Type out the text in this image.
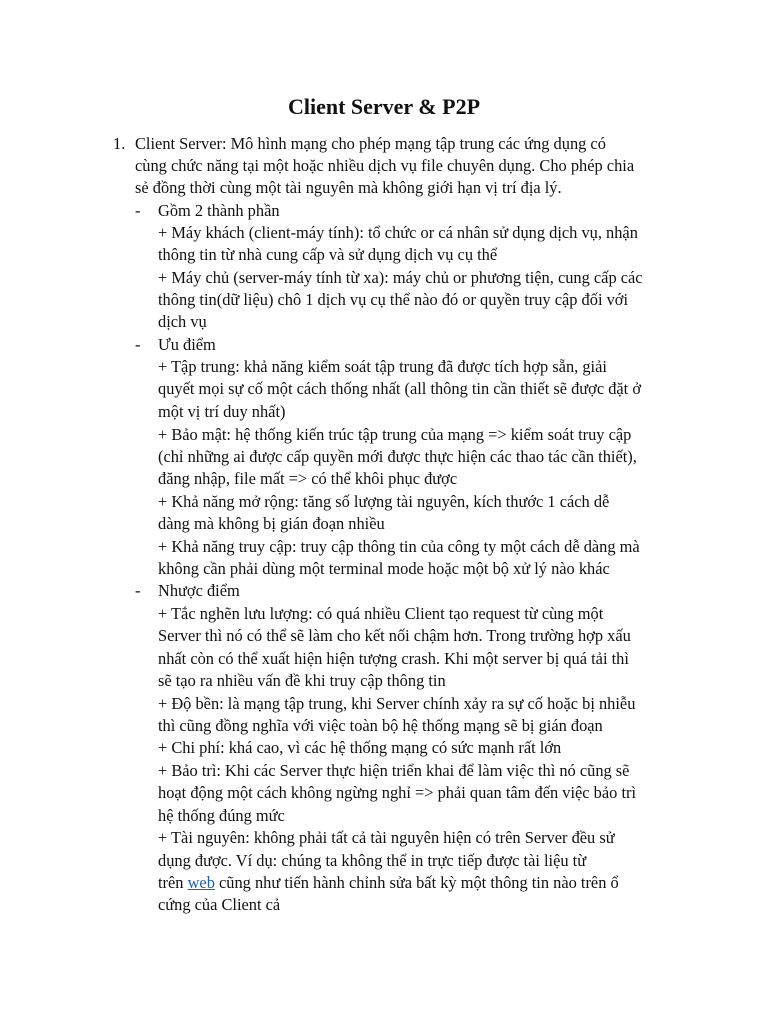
Client Server & P2P
1. Client Server: Mô hình mạng cho phép mạng tập trung các ứng dụng có
cùng chức năng tại một hoặc nhiều dịch vụ file chuyên dụng. Cho phép chia
sẻ đồng thời cùng một tài nguyên mà không giới hạn vị trí địa lý.
- Gồm 2 thành phần
+ Máy khách (client-máy tính): tổ chức or cá nhân sử dụng dịch vụ, nhận
thông tin từ nhà cung cấp và sử dụng dịch vụ cụ thể
+ Máy chủ (server-máy tính từ xa): máy chủ or phương tiện, cung cấp các
thông tin(dữ liệu) chô 1 dịch vụ cụ thể nào đó or quyền truy cập đối với
dịch vụ
- Ưu điểm
+ Tập trung: khả năng kiểm soát tập trung đã được tích hợp sẵn, giải
quyết mọi sự cố một cách thống nhất (all thông tin cần thiết sẽ được đặt ở
một vị trí duy nhất)
+ Bảo mật: hệ thống kiến trúc tập trung của mạng => kiểm soát truy cập
(chỉ những ai được cấp quyền mới được thực hiện các thao tác cần thiết),
đăng nhập, file mất => có thể khôi phục được
+ Khả năng mở rộng: tăng số lượng tài nguyên, kích thước 1 cách dễ
dàng mà không bị gián đoạn nhiều
+ Khả năng truy cập: truy cập thông tin của công ty một cách dễ dàng mà
không cần phải dùng một terminal mode hoặc một bộ xử lý nào khác
- Nhược điểm
+ Tắc nghẽn lưu lượng: có quá nhiều Client tạo request từ cùng một
Server thì nó có thể sẽ làm cho kết nối chậm hơn. Trong trường hợp xấu
nhất còn có thể xuất hiện hiện tượng crash. Khi một server bị quá tải thì
sẽ tạo ra nhiều vấn đề khi truy cập thông tin
+ Độ bền: là mạng tập trung, khi Server chính xảy ra sự cố hoặc bị nhiễu
thì cũng đồng nghĩa với việc toàn bộ hệ thống mạng sẽ bị gián đoạn
+ Chi phí: khá cao, vì các hệ thống mạng có sức mạnh rất lớn
+ Bảo trì: Khi các Server thực hiện triển khai để làm việc thì nó cũng sẽ
hoạt động một cách không ngừng nghỉ => phải quan tâm đến việc bảo trì
hệ thống đúng mức
+ Tài nguyên: không phải tất cả tài nguyên hiện có trên Server đều sử
dụng được. Ví dụ: chúng ta không thể in trực tiếp được tài liệu từ
trên web cũng như tiến hành chỉnh sửa bất kỳ một thông tin nào trên ổ
cứng của Client cả
